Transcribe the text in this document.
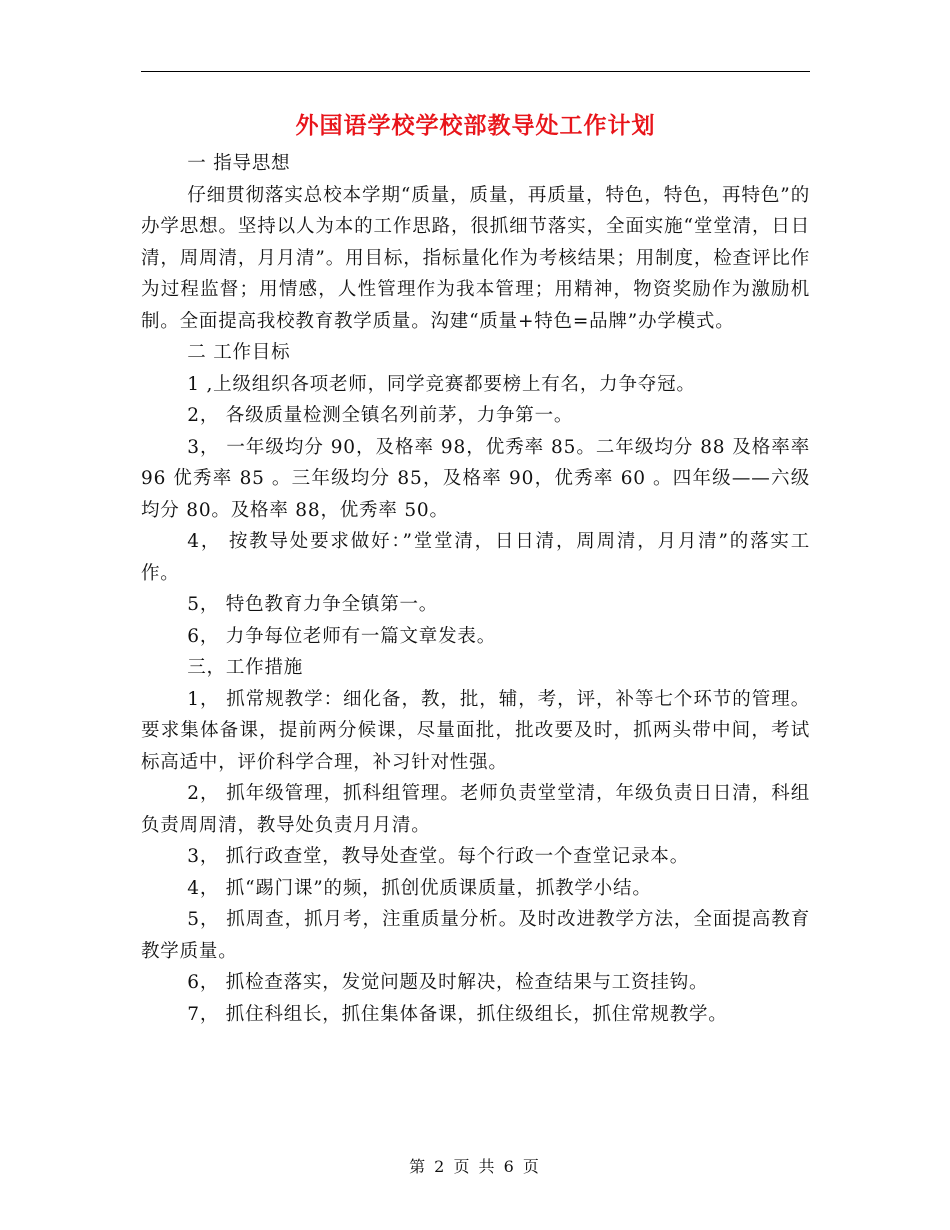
外国语学校学校部教导处工作计划

一 指导思想

仔细贯彻落实总校本学期“质量，质量，再质量，特色，特色，再特色”的办学思想。坚持以人为本的工作思路，很抓细节落实，全面实施“堂堂清，日日清，周周清，月月清”。用目标，指标量化作为考核结果；用制度，检查评比作为过程监督；用情感，人性管理作为我本管理；用精神，物资奖励作为激励机制。全面提高我校教育教学质量。沟建“质量+特色=品牌”办学模式。

二 工作目标

1 ,上级组织各项老师，同学竞赛都要榜上有名，力争夺冠。

2， 各级质量检测全镇名列前茅，力争第一。

3， 一年级均分 90，及格率 98，优秀率 85。二年级均分 88 及格率率 96 优秀率 85 。三年级均分 85，及格率 90，优秀率 60 。四年级——六级均分 80。及格率 88，优秀率 50。

4， 按教导处要求做好：”堂堂清，日日清，周周清，月月清”的落实工作。

5， 特色教育力争全镇第一。

6， 力争每位老师有一篇文章发表。

三，工作措施

1， 抓常规教学：细化备，教，批，辅，考，评，补等七个环节的管理。要求集体备课，提前两分候课，尽量面批，批改要及时，抓两头带中间，考试标高适中，评价科学合理，补习针对性强。

2， 抓年级管理，抓科组管理。老师负责堂堂清，年级负责日日清，科组负责周周清，教导处负责月月清。

3， 抓行政查堂，教导处查堂。每个行政一个查堂记录本。

4， 抓“踢门课”的频，抓创优质课质量，抓教学小结。

5， 抓周查，抓月考，注重质量分析。及时改进教学方法，全面提高教育教学质量。

6， 抓检查落实，发觉问题及时解决，检查结果与工资挂钩。

7， 抓住科组长，抓住集体备课，抓住级组长，抓住常规教学。

第 2 页 共 6 页
